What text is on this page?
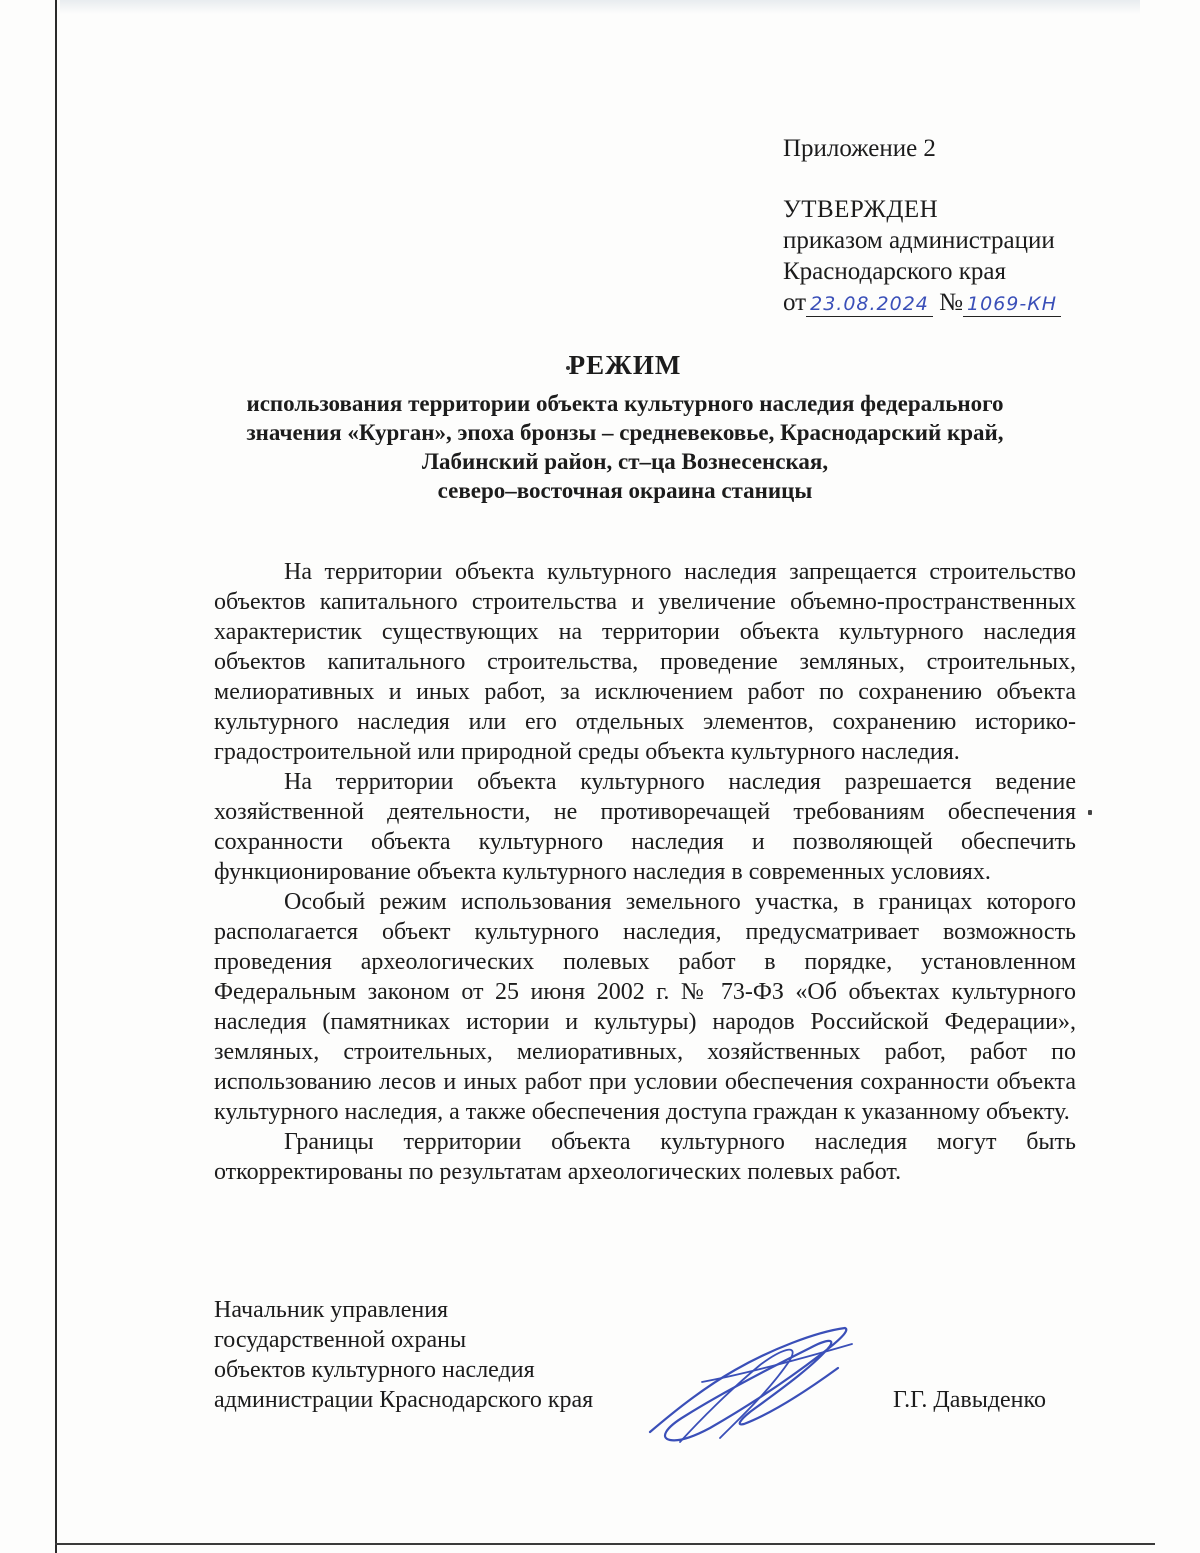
Приложение 2
УТВЕРЖДЕН
приказом администрации
Краснодарского края
от 23.08.2024 № 1069-КН
РЕЖИМ
использования территории объекта культурного наследия федерального
значения «Курган», эпоха бронзы – средневековье, Краснодарский край,
Лабинский район, ст–ца Вознесенская,
северо–восточная окраина станицы

На территории объекта культурного наследия запрещается строительство объектов капитального строительства и увеличение объемно-пространственных характеристик существующих на территории объекта культурного наследия объектов капитального строительства, проведение земляных, строительных, мелиоративных и иных работ, за исключением работ по сохранению объекта культурного наследия или его отдельных элементов, сохранению историко-градостроительной или природной среды объекта культурного наследия.

На территории объекта культурного наследия разрешается ведение хозяйственной деятельности, не противоречащей требованиям обеспечения сохранности объекта культурного наследия и позволяющей обеспечить функционирование объекта культурного наследия в современных условиях.

Особый режим использования земельного участка, в границах которого располагается объект культурного наследия, предусматривает возможность проведения археологических полевых работ в порядке, установленном Федеральным законом от 25 июня 2002 г. № 73-ФЗ «Об объектах культурного наследия (памятниках истории и культуры) народов Российской Федерации», земляных, строительных, мелиоративных, хозяйственных работ, работ по использованию лесов и иных работ при условии обеспечения сохранности объекта культурного наследия, а также обеспечения доступа граждан к указанному объекту.

Границы территории объекта культурного наследия могут быть откорректированы по результатам археологических полевых работ.

Начальник управления
государственной охраны
объектов культурного наследия
администрации Краснодарского края	Г.Г. Давыденко
